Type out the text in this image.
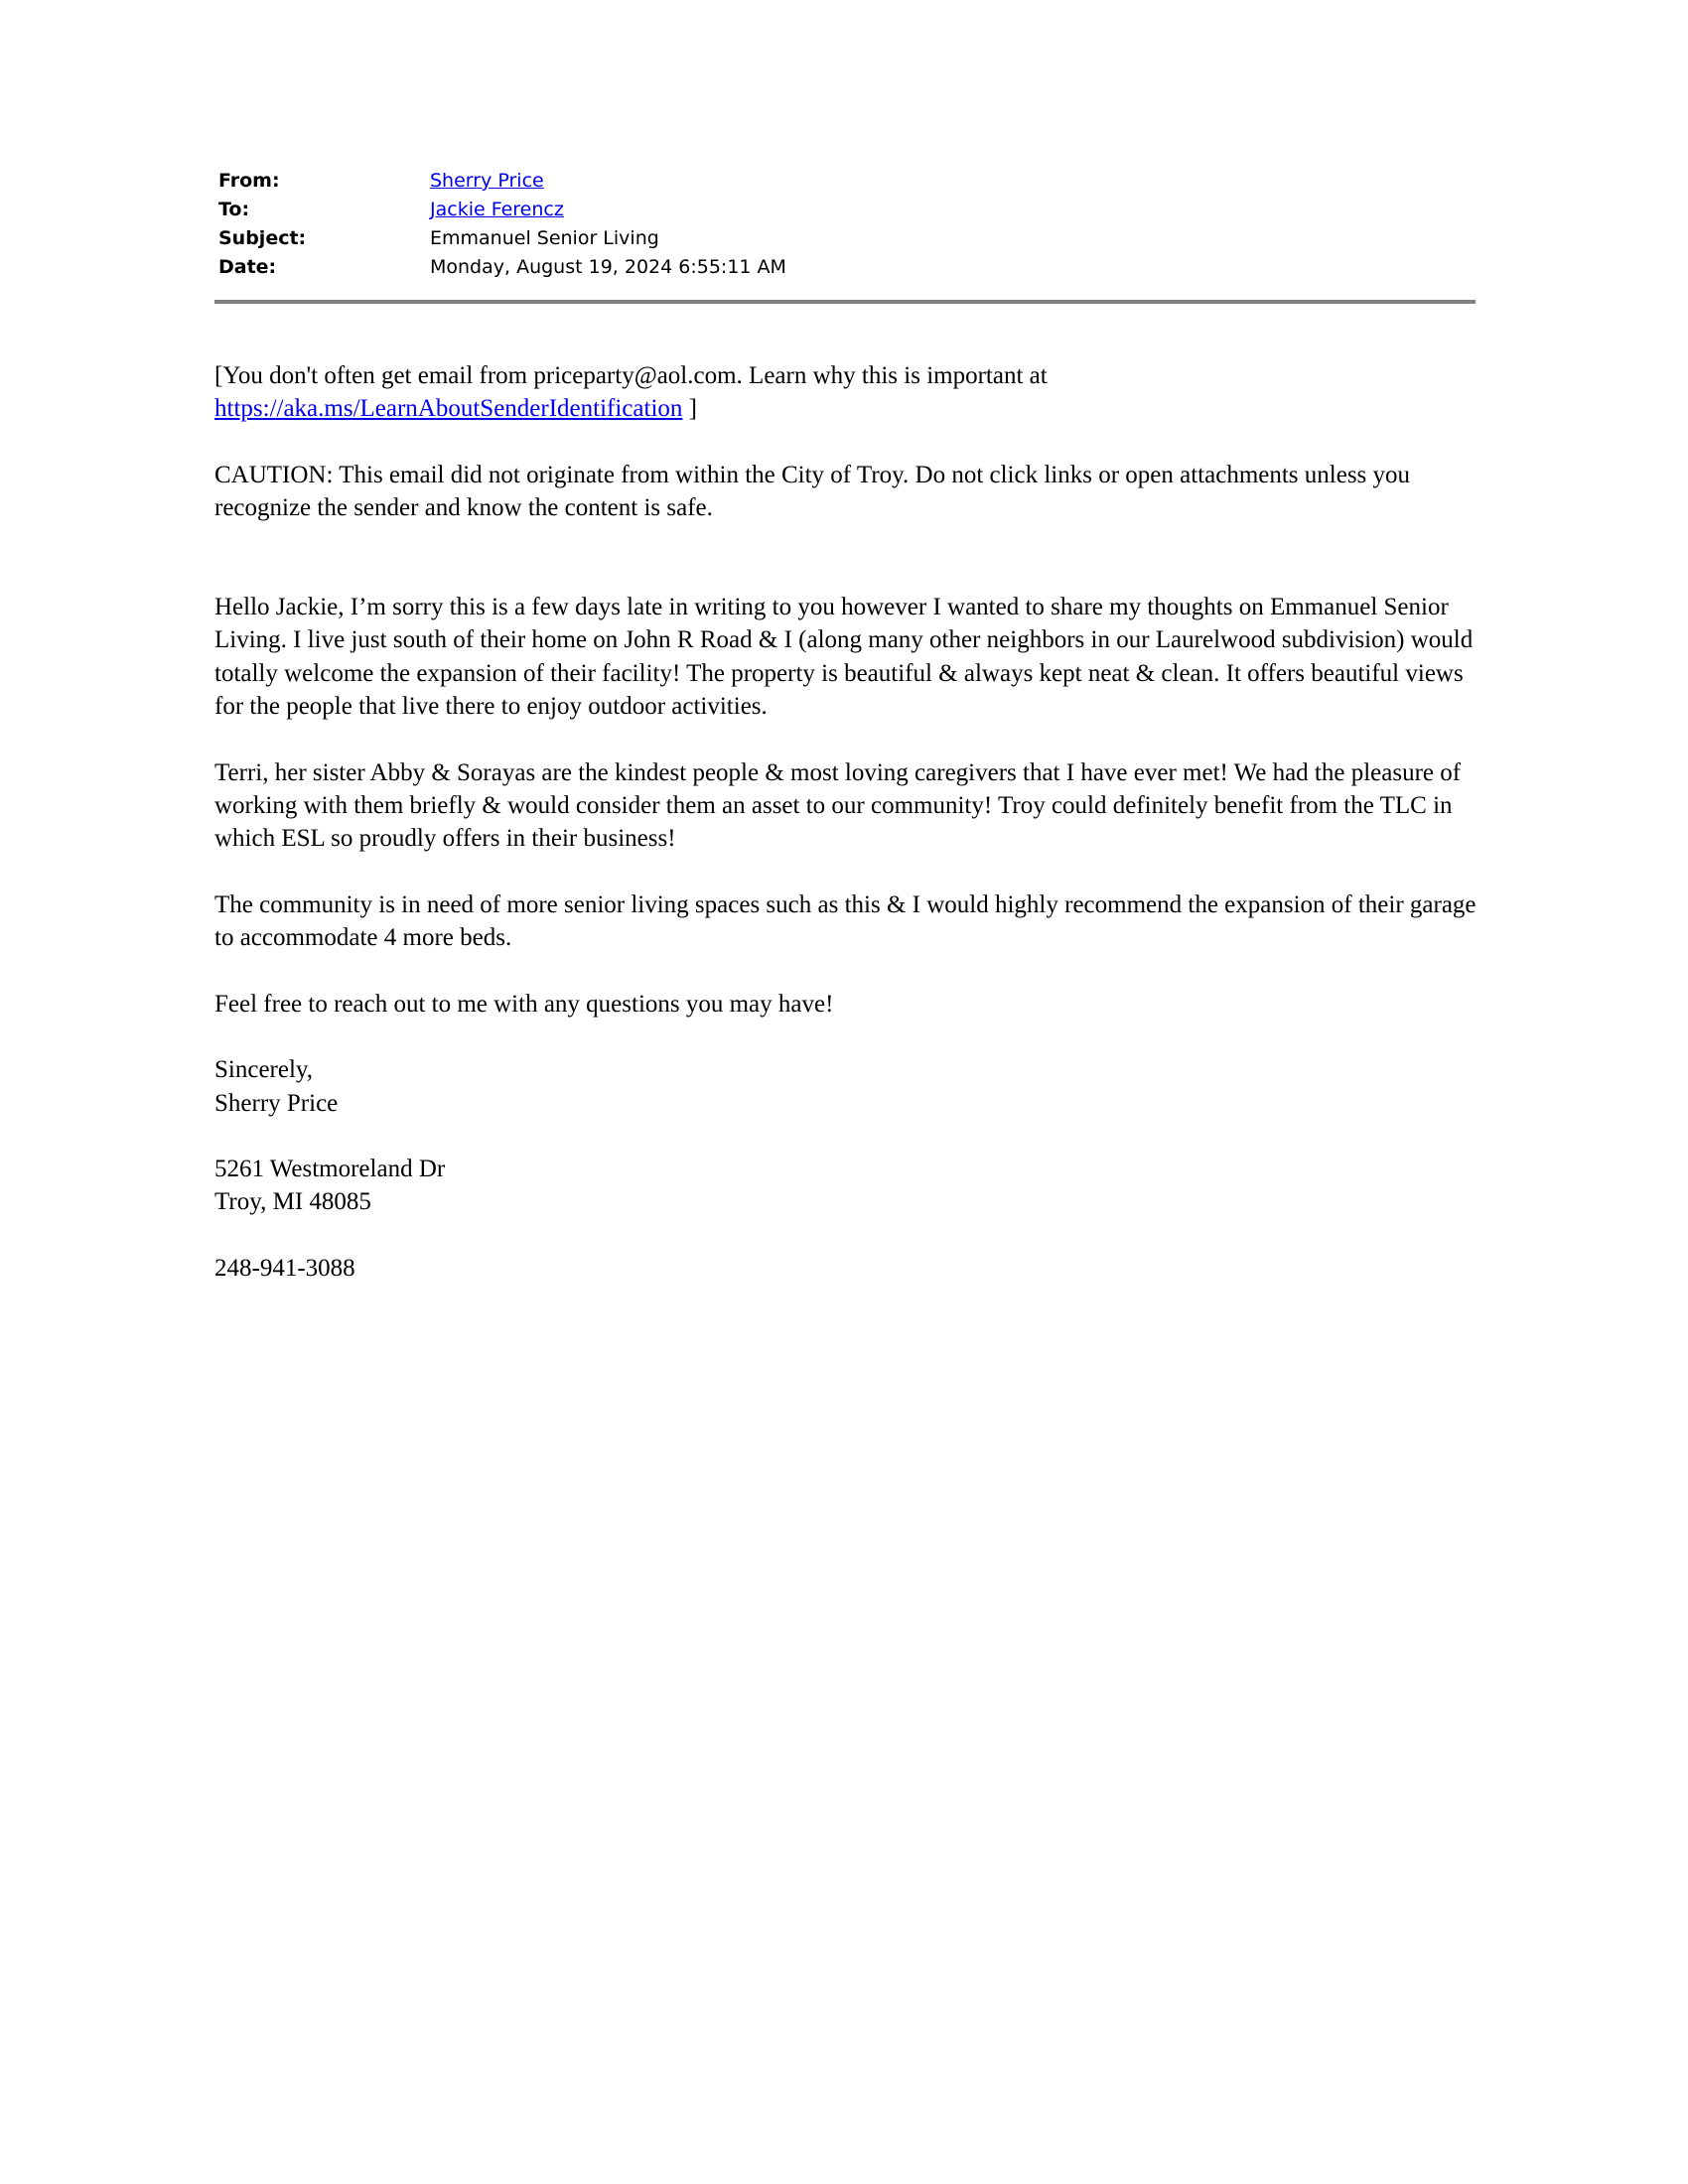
From:	Sherry Price
To:	Jackie Ferencz
Subject:	Emmanuel Senior Living
Date:	Monday, August 19, 2024 6:55:11 AM

[You don't often get email from priceparty@aol.com. Learn why this is important at
https://aka.ms/LearnAboutSenderIdentification ]

CAUTION: This email did not originate from within the City of Troy. Do not click links or open attachments unless you recognize the sender and know the content is safe.

Hello Jackie, I’m sorry this is a few days late in writing to you however I wanted to share my thoughts on Emmanuel Senior Living. I live just south of their home on John R Road & I (along many other neighbors in our Laurelwood subdivision) would totally welcome the expansion of their facility! The property is beautiful & always kept neat & clean. It offers beautiful views for the people that live there to enjoy outdoor activities.

Terri, her sister Abby & Sorayas are the kindest people & most loving caregivers that I have ever met! We had the pleasure of working with them briefly & would consider them an asset to our community! Troy could definitely benefit from the TLC in which ESL so proudly offers in their business!

The community is in need of more senior living spaces such as this & I would highly recommend the expansion of their garage to accommodate 4 more beds.

Feel free to reach out to me with any questions you may have!

Sincerely,
Sherry Price

5261 Westmoreland Dr
Troy, MI 48085

248-941-3088
